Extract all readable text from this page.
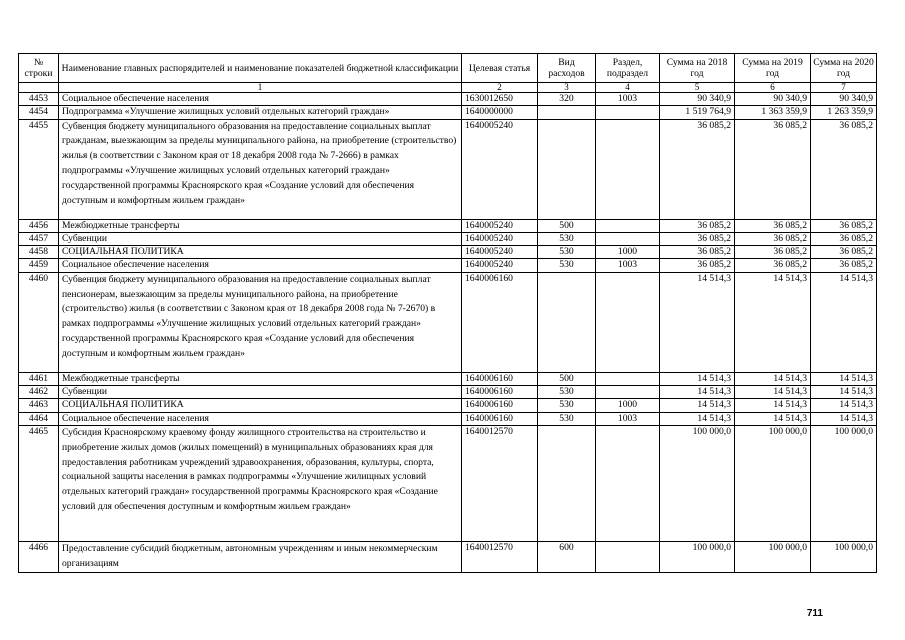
№ строки	Наименование главных распорядителей и наименование показателей бюджетной классификации	Целевая статья	Вид расходов	Раздел, подраздел	Сумма на 2018 год	Сумма на 2019 год	Сумма на 2020 год
	1	2	3	4	5	6	7
4453	Социальное обеспечение населения	1630012650	320	1003	90 340,9	90 340,9	90 340,9
4454	Подпрограмма «Улучшение жилищных условий отдельных категорий граждан»	1640000000			1 519 764,9	1 363 359,9	1 263 359,9
4455	Субвенция бюджету муниципального образования на предоставление социальных выплат гражданам, выезжающим за пределы муниципального района, на приобретение (строительство) жилья (в соответствии с Законом края от 18 декабря 2008 года № 7-2666) в рамках подпрограммы «Улучшение жилищных условий отдельных категорий граждан» государственной программы Красноярского края «Создание условий для обеспечения доступным и комфортным жильем граждан»	1640005240			36 085,2	36 085,2	36 085,2
4456	Межбюджетные трансферты	1640005240	500		36 085,2	36 085,2	36 085,2
4457	Субвенции	1640005240	530		36 085,2	36 085,2	36 085,2
4458	СОЦИАЛЬНАЯ ПОЛИТИКА	1640005240	530	1000	36 085,2	36 085,2	36 085,2
4459	Социальное обеспечение населения	1640005240	530	1003	36 085,2	36 085,2	36 085,2
4460	Субвенция бюджету муниципального образования на предоставление социальных выплат пенсионерам, выезжающим за пределы муниципального района, на приобретение (строительство) жилья (в соответствии с Законом края от 18 декабря 2008 года № 7-2670) в рамках подпрограммы «Улучшение жилищных условий отдельных категорий граждан» государственной программы Красноярского края «Создание условий для обеспечения доступным и комфортным жильем граждан»	1640006160			14 514,3	14 514,3	14 514,3
4461	Межбюджетные трансферты	1640006160	500		14 514,3	14 514,3	14 514,3
4462	Субвенции	1640006160	530		14 514,3	14 514,3	14 514,3
4463	СОЦИАЛЬНАЯ ПОЛИТИКА	1640006160	530	1000	14 514,3	14 514,3	14 514,3
4464	Социальное обеспечение населения	1640006160	530	1003	14 514,3	14 514,3	14 514,3
4465	Субсидия Красноярскому краевому фонду жилищного строительства на строительство и приобретение жилых домов (жилых помещений) в муниципальных образованиях края для предоставления работникам учреждений здравоохранения, образования, культуры, спорта, социальной защиты населения в рамках подпрограммы «Улучшение жилищных условий отдельных категорий граждан» государственной программы Красноярского края «Создание условий для обеспечения доступным и комфортным жильем граждан»	1640012570			100 000,0	100 000,0	100 000,0
4466	Предоставление субсидий бюджетным, автономным учреждениям и иным некоммерческим организациям	1640012570	600		100 000,0	100 000,0	100 000,0
711
